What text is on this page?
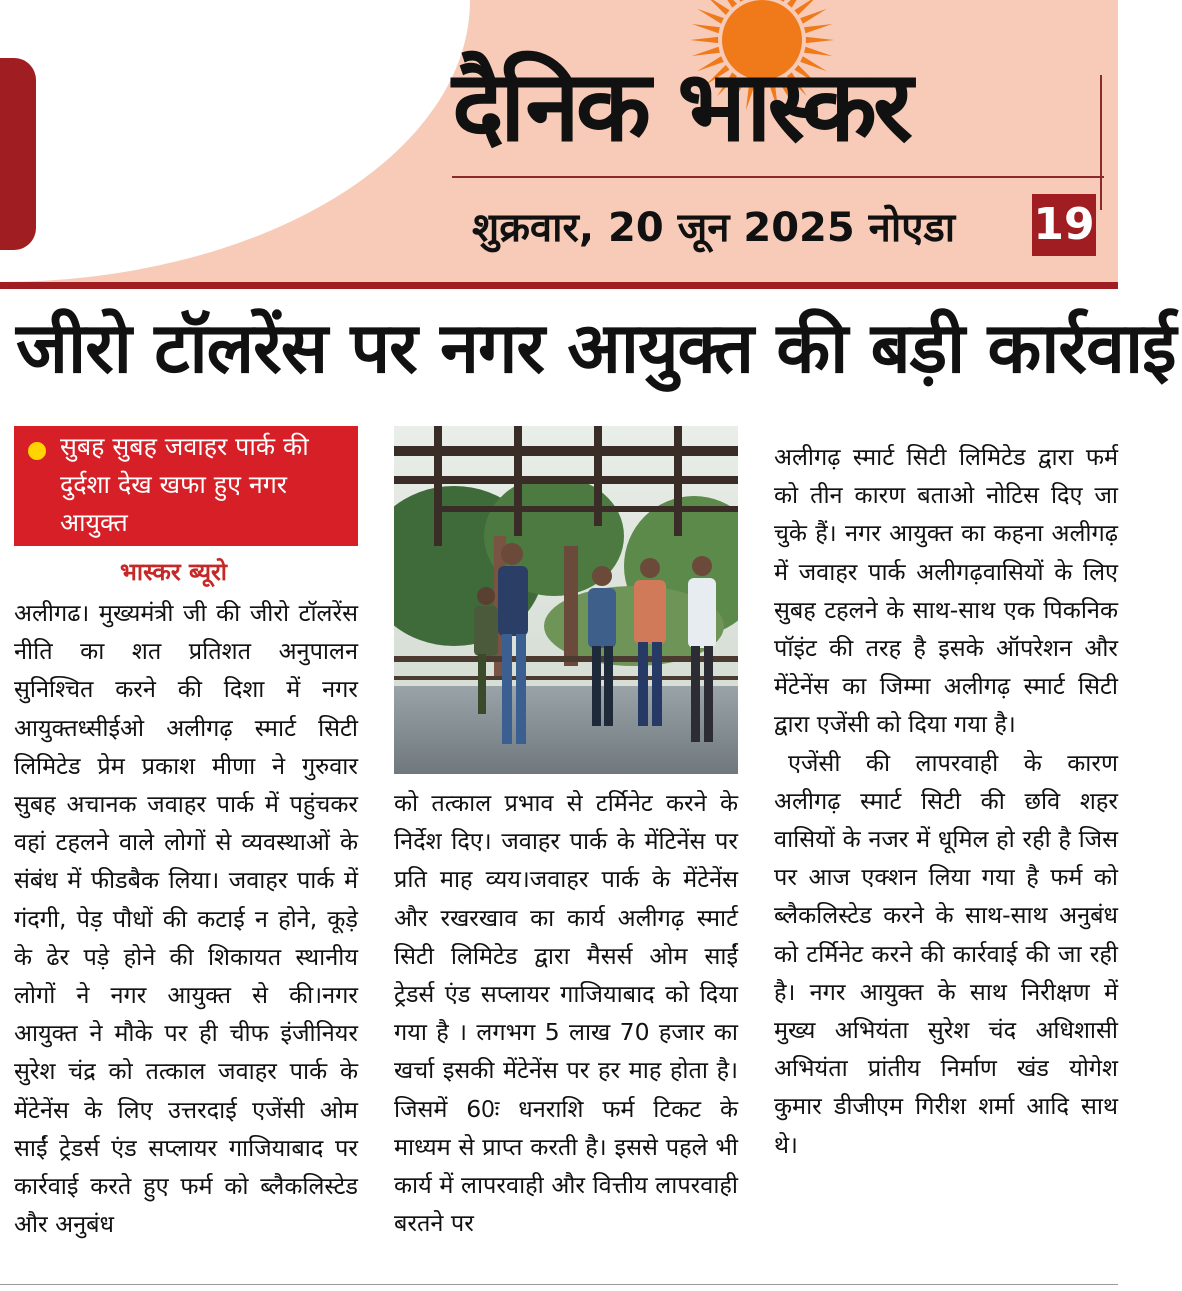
दैनिक भास्कर
शुक्रवार, 20 जून 2025 नोएडा	19
जीरो टॉलरेंस पर नगर आयुक्त की बड़ी कार्रवाई
सुबह सुबह जवाहर पार्क की दुर्दशा देख खफा हुए नगर आयुक्त
भास्कर ब्यूरो

अलीगढ। मुख्यमंत्री जी की जीरो टॉलरेंस नीति का शत प्रतिशत अनुपालन सुनिश्चित करने की दिशा में नगर आयुक्तध्सीईओ अलीगढ़ स्मार्ट सिटी लिमिटेड प्रेम प्रकाश मीणा ने गुरुवार सुबह अचानक जवाहर पार्क में पहुंचकर वहां टहलने वाले लोगों से व्यवस्थाओं के संबंध में फीडबैक लिया। जवाहर पार्क में गंदगी, पेड़ पौधों की कटाई न होने, कूड़े के ढेर पड़े होने की शिकायत स्थानीय लोगों ने नगर आयुक्त से की।नगर आयुक्त ने मौके पर ही चीफ इंजीनियर सुरेश चंद्र को तत्काल जवाहर पार्क के मेंटेनेंस के लिए उत्तरदाई एजेंसी ओम साईं ट्रेडर्स एंड सप्लायर गाजियाबाद पर कार्रवाई करते हुए फर्म को ब्लैकलिस्टेड और अनुबंध

को तत्काल प्रभाव से टर्मिनेट करने के निर्देश दिए। जवाहर पार्क के मेंटिनेंस पर प्रति माह व्यय।जवाहर पार्क के मेंटेनेंस और रखरखाव का कार्य अलीगढ़ स्मार्ट सिटी लिमिटेड द्वारा मैसर्स ओम साईं ट्रेडर्स एंड सप्लायर गाजियाबाद को दिया गया है । लगभग 5 लाख 70 हजार का खर्चा इसकी मेंटेनेंस पर हर माह होता है। जिसमें 60ः धनराशि फर्म टिकट के माध्यम से प्राप्त करती है। इससे पहले भी कार्य में लापरवाही और वित्तीय लापरवाही बरतने पर

अलीगढ़ स्मार्ट सिटी लिमिटेड द्वारा फर्म को तीन कारण बताओ नोटिस दिए जा चुके हैं। नगर आयुक्त का कहना अलीगढ़ में जवाहर पार्क अलीगढ़वासियों के लिए सुबह टहलने के साथ-साथ एक पिकनिक पॉइंट की तरह है इसके ऑपरेशन और मेंटेनेंस का जिम्मा अलीगढ़ स्मार्ट सिटी द्वारा एजेंसी को दिया गया है।

एजेंसी की लापरवाही के कारण अलीगढ़ स्मार्ट सिटी की छवि शहर वासियों के नजर में धूमिल हो रही है जिस पर आज एक्शन लिया गया है फर्म को ब्लैकलिस्टेड करने के साथ-साथ अनुबंध को टर्मिनेट करने की कार्रवाई की जा रही है। नगर आयुक्त के साथ निरीक्षण में मुख्य अभियंता सुरेश चंद अधिशासी अभियंता प्रांतीय निर्माण खंड योगेश कुमार डीजीएम गिरीश शर्मा आदि साथ थे।
